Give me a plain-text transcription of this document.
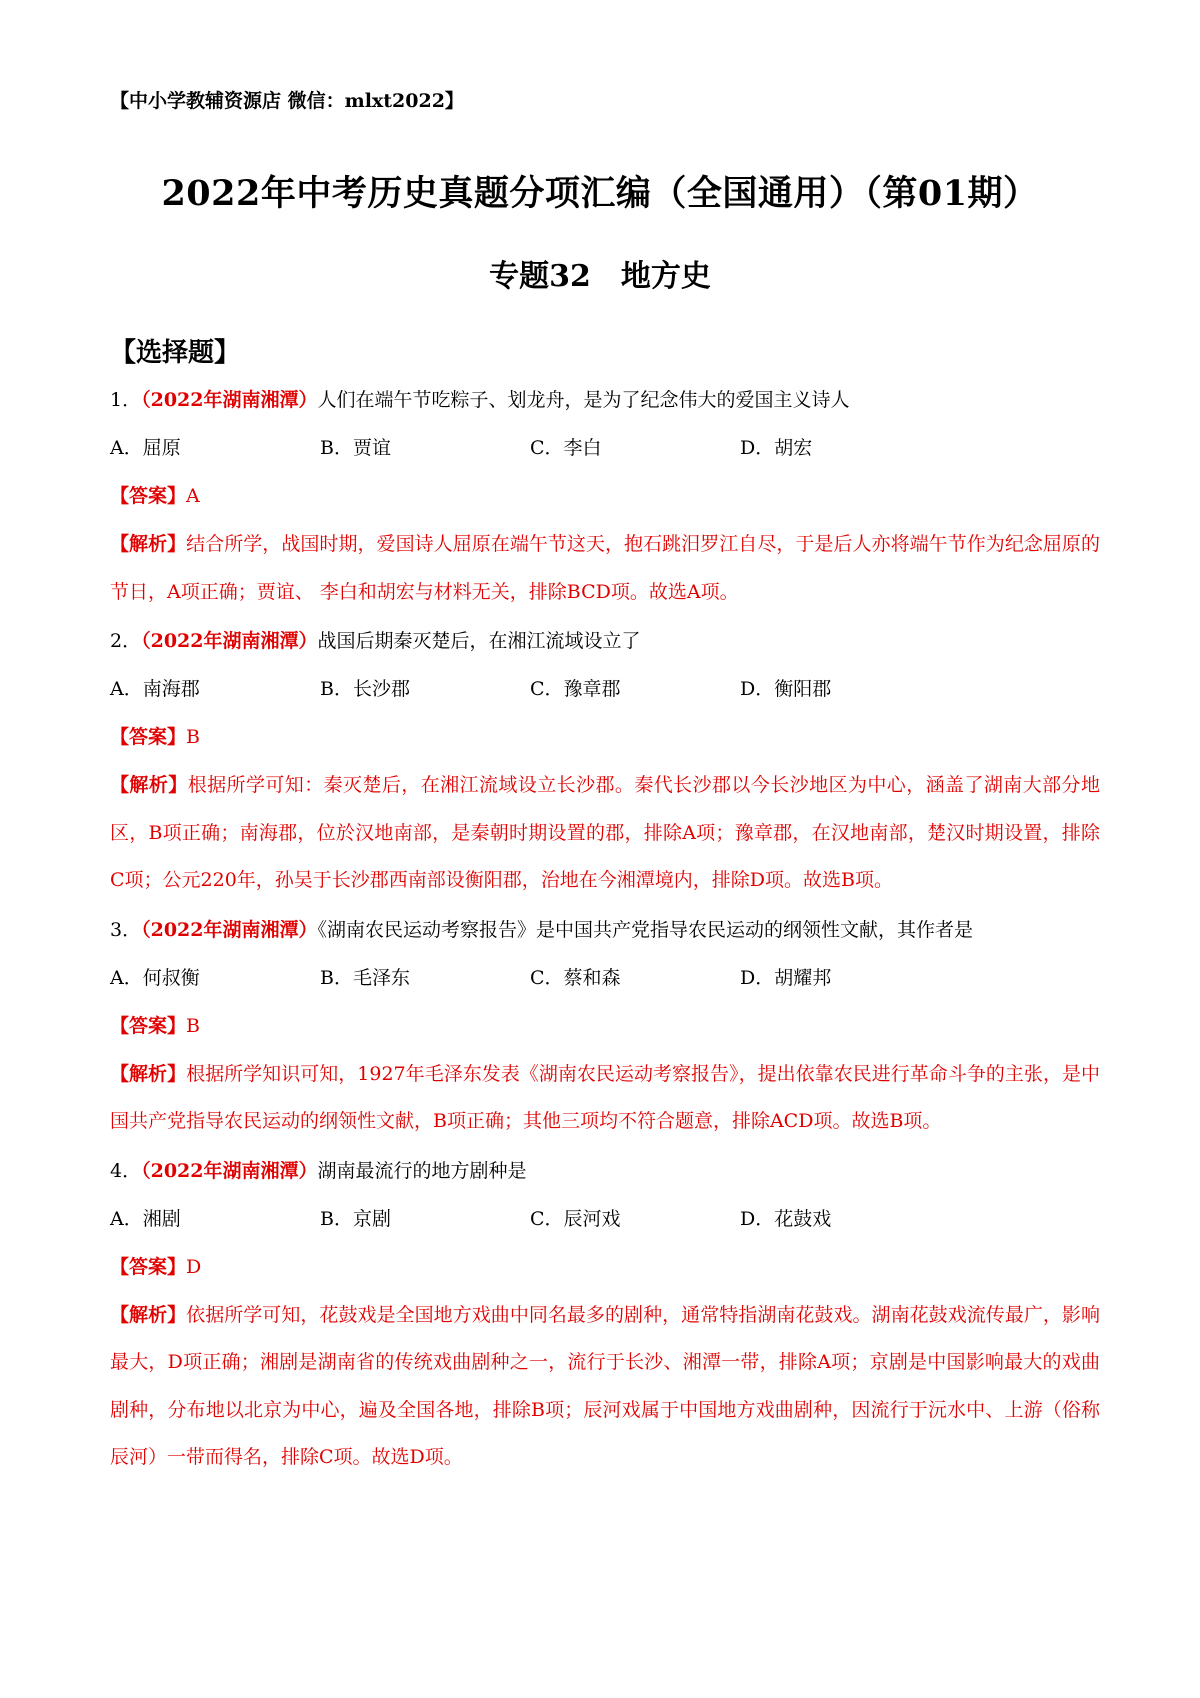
【中小学教辅资源店 微信：mlxt2022】
2022年中考历史真题分项汇编（全国通用）（第01期）
专题32　地方史
【选择题】
1．（2022年湖南湘潭）人们在端午节吃粽子、划龙舟，是为了纪念伟大的爱国主义诗人
A．屈原	B．贾谊	C．李白	D．胡宏
【答案】A
【解析】结合所学，战国时期，爱国诗人屈原在端午节这天，抱石跳汨罗江自尽，于是后人亦将端午节作为纪念屈原的节日，A项正确；贾谊、 李白和胡宏与材料无关，排除BCD项。故选A项。
2．（2022年湖南湘潭）战国后期秦灭楚后，在湘江流域设立了
A．南海郡	B．长沙郡	C．豫章郡	D．衡阳郡
【答案】B
【解析】根据所学可知：秦灭楚后，在湘江流域设立长沙郡。秦代长沙郡以今长沙地区为中心，涵盖了湖南大部分地区，B项正确；南海郡，位於汉地南部，是秦朝时期设置的郡，排除A项；豫章郡，在汉地南部，楚汉时期设置，排除C项；公元220年，孙吴于长沙郡西南部设衡阳郡，治地在今湘潭境内，排除D项。故选B项。
3．（2022年湖南湘潭）《湖南农民运动考察报告》是中国共产党指导农民运动的纲领性文献，其作者是
A．何叔衡	B．毛泽东	C．蔡和森	D．胡耀邦
【答案】B
【解析】根据所学知识可知，1927年毛泽东发表《湖南农民运动考察报告》，提出依靠农民进行革命斗争的主张，是中国共产党指导农民运动的纲领性文献，B项正确；其他三项均不符合题意，排除ACD项。故选B项。
4．（2022年湖南湘潭）湖南最流行的地方剧种是
A．湘剧	B．京剧	C．辰河戏	D．花鼓戏
【答案】D
【解析】依据所学可知，花鼓戏是全国地方戏曲中同名最多的剧种，通常特指湖南花鼓戏。湖南花鼓戏流传最广，影响最大，D项正确；湘剧是湖南省的传统戏曲剧种之一，流行于长沙、湘潭一带，排除A项；京剧是中国影响最大的戏曲剧种，分布地以北京为中心，遍及全国各地，排除B项；辰河戏属于中国地方戏曲剧种，因流行于沅水中、上游（俗称辰河）一带而得名，排除C项。故选D项。
